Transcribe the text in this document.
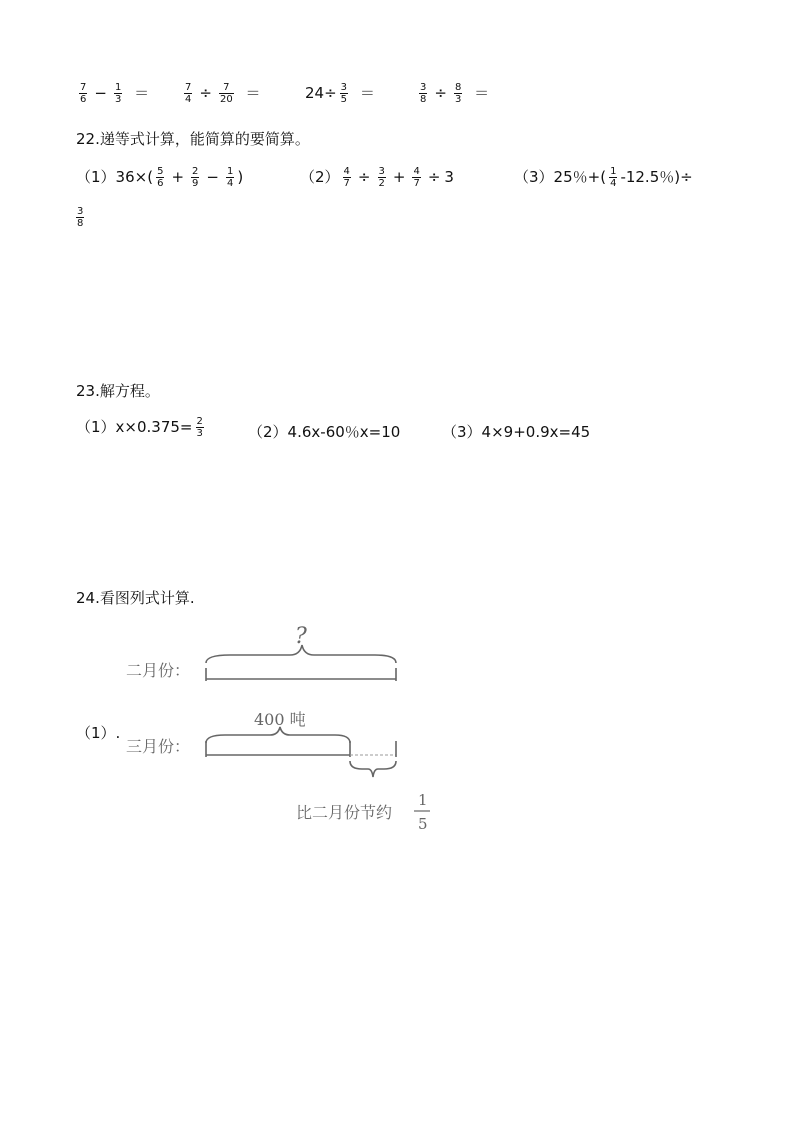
$\frac{7}{6} - \frac{1}{3}$ ＝	$\frac{7}{4} \div \frac{7}{20}$ ＝	$24\div \frac{3}{5}$ ＝	$\frac{3}{8} \div \frac{8}{3}$ ＝
22.递等式计算，能简算的要简算。
$(1)36\times( \frac{5}{6} + \frac{2}{9} - \frac{1}{4}$ )	$(2) \frac{4}{7} \div \frac{3}{2} + \frac{4}{7} \div 3$	（3）25％+( $\frac{1}{4} -12.5$％)÷
$\frac{3}{8}$
23.解方程。
$(1)x\times 0.375= \frac{2}{3}$	（2）4.6x-60％x=10	（3）4×9+0.9x=45
24.看图列式计算.
（1）.
二月份：
?
三月份：
400 吨
比二月份节约
1
5
